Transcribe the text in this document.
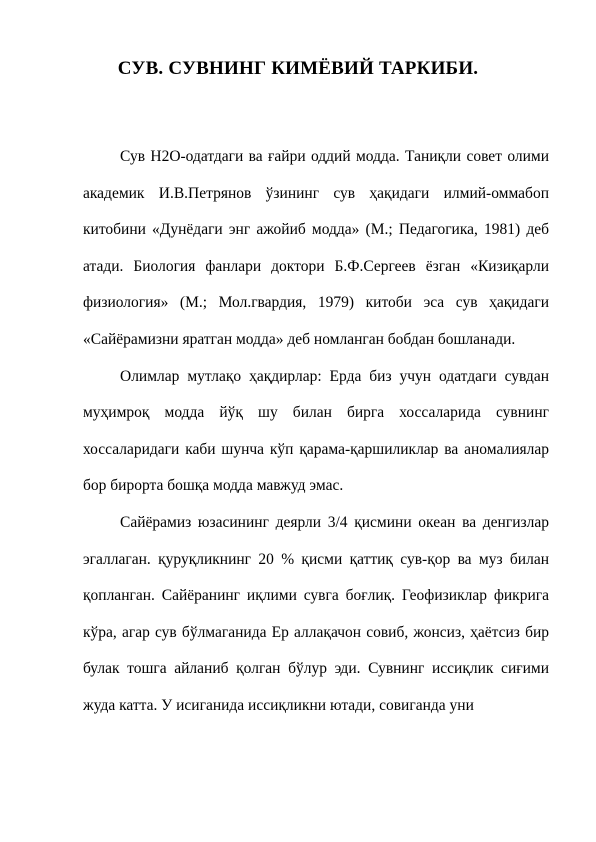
СУВ. СУВНИНГ КИМЁВИЙ ТАРКИБИ.

Сув Н2О-одатдаги ва ғайри оддий модда. Таниқли совет олими академик И.В.Петрянов ўзининг сув ҳақидаги илмий-оммабоп китобини «Дунёдаги энг ажойиб модда» (М.; Педагогика, 1981) деб атади. Биология фанлари доктори Б.Ф.Сергеев ёзган «Кизиқарли физиология» (М.; Мол.гвардия, 1979) китоби эса сув ҳақидаги «Сайёрамизни яратган модда» деб номланган бобдан бошланади.

Олимлар мутлақо ҳақдирлар: Ерда биз учун одатдаги сувдан муҳимроқ модда йўқ шу билан бирга хоссаларида сувнинг хоссаларидаги каби шунча кўп қарама-қаршиликлар ва аномалиялар бор бирорта бошқа модда мавжуд эмас.

Сайёрамиз юзасининг деярли 3/4 қисмини океан ва денгизлар эгаллаган. қуруқликнинг 20 % қисми қаттиқ сув-қор ва муз билан қопланган. Сайёранинг иқлими сувга боғлиқ. Геофизиклар фикрига кўра, агар сув бўлмаганида Ер аллақачон совиб, жонсиз, ҳаётсиз бир булак тошга айланиб қолган бўлур эди. Сувнинг иссиқлик сиғими жуда катта. У исиганида иссиқликни ютади, совиганда уни
